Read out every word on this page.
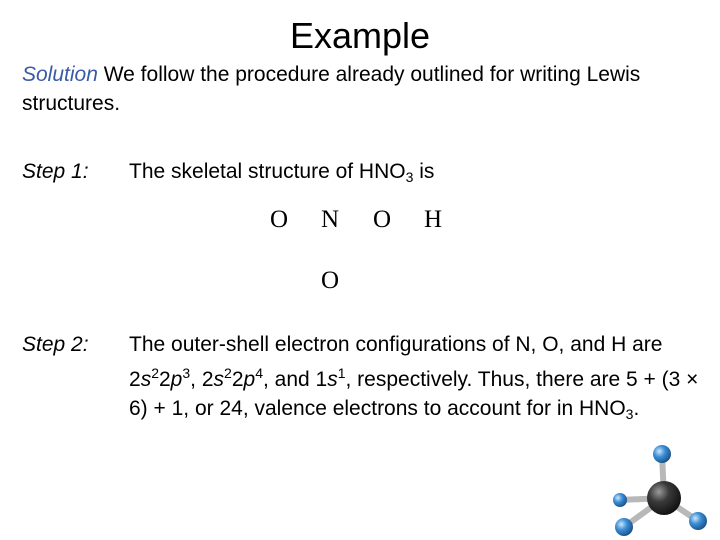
Example
Solution We follow the procedure already outlined for writing Lewis structures.
Step 1: The skeletal structure of $HNO_3$ is
O N O H
O
Step 2: The outer-shell electron configurations of N, O, and H are $2s^22p^3$, $2s^22p^4$, and $1s^1$, respectively. Thus, there are 5 + (3 × 6) + 1, or 24, valence electrons to account for in $HNO_3$.
